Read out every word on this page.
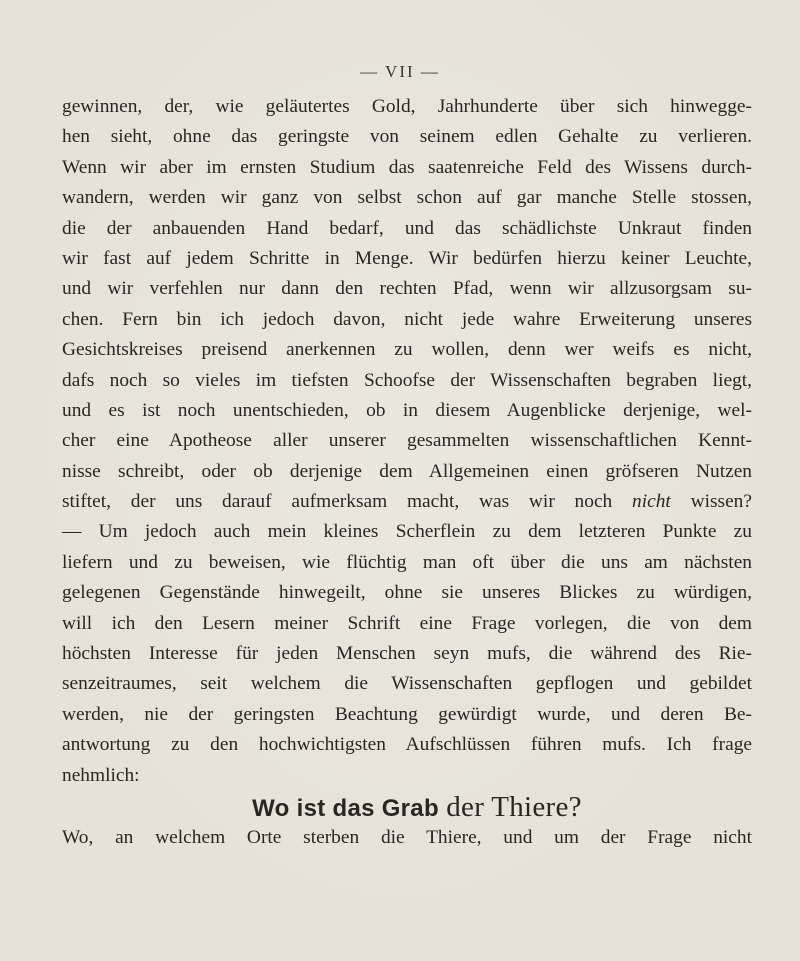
— VII —
gewinnen, der, wie geläutertes Gold, Jahrhunderte über sich hinwegge-
hen sieht, ohne das geringste von seinem edlen Gehalte zu verlieren.
Wenn wir aber im ernsten Studium das saatenreiche Feld des Wissens durch-
wandern, werden wir ganz von selbst schon auf gar manche Stelle stossen,
die der anbauenden Hand bedarf, und das schädlichste Unkraut finden
wir fast auf jedem Schritte in Menge. Wir bedürfen hierzu keiner Leuchte,
und wir verfehlen nur dann den rechten Pfad, wenn wir allzusorgsam su-
chen. Fern bin ich jedoch davon, nicht jede wahre Erweiterung unseres
Gesichtskreises preisend anerkennen zu wollen, denn wer weifs es nicht,
dafs noch so vieles im tiefsten Schoofse der Wissenschaften begraben liegt,
und es ist noch unentschieden, ob in diesem Augenblicke derjenige, wel-
cher eine Apotheose aller unserer gesammelten wissenschaftlichen Kennt-
nisse schreibt, oder ob derjenige dem Allgemeinen einen gröfseren Nutzen
stiftet, der uns darauf aufmerksam macht, was wir noch nicht wissen?
— Um jedoch auch mein kleines Scherflein zu dem letzteren Punkte zu
liefern und zu beweisen, wie flüchtig man oft über die uns am nächsten
gelegenen Gegenstände hinwegeilt, ohne sie unseres Blickes zu würdigen,
will ich den Lesern meiner Schrift eine Frage vorlegen, die von dem
höchsten Interesse für jeden Menschen seyn mufs, die während des Rie-
senzeitraumes, seit welchem die Wissenschaften gepflogen und gebildet
werden, nie der geringsten Beachtung gewürdigt wurde, und deren Be-
antwortung zu den hochwichtigsten Aufschlüssen führen mufs. Ich frage
nehmlich:
Wo ist das Grab der Thiere?
Wo, an welchem Orte sterben die Thiere, und um der Frage nicht
